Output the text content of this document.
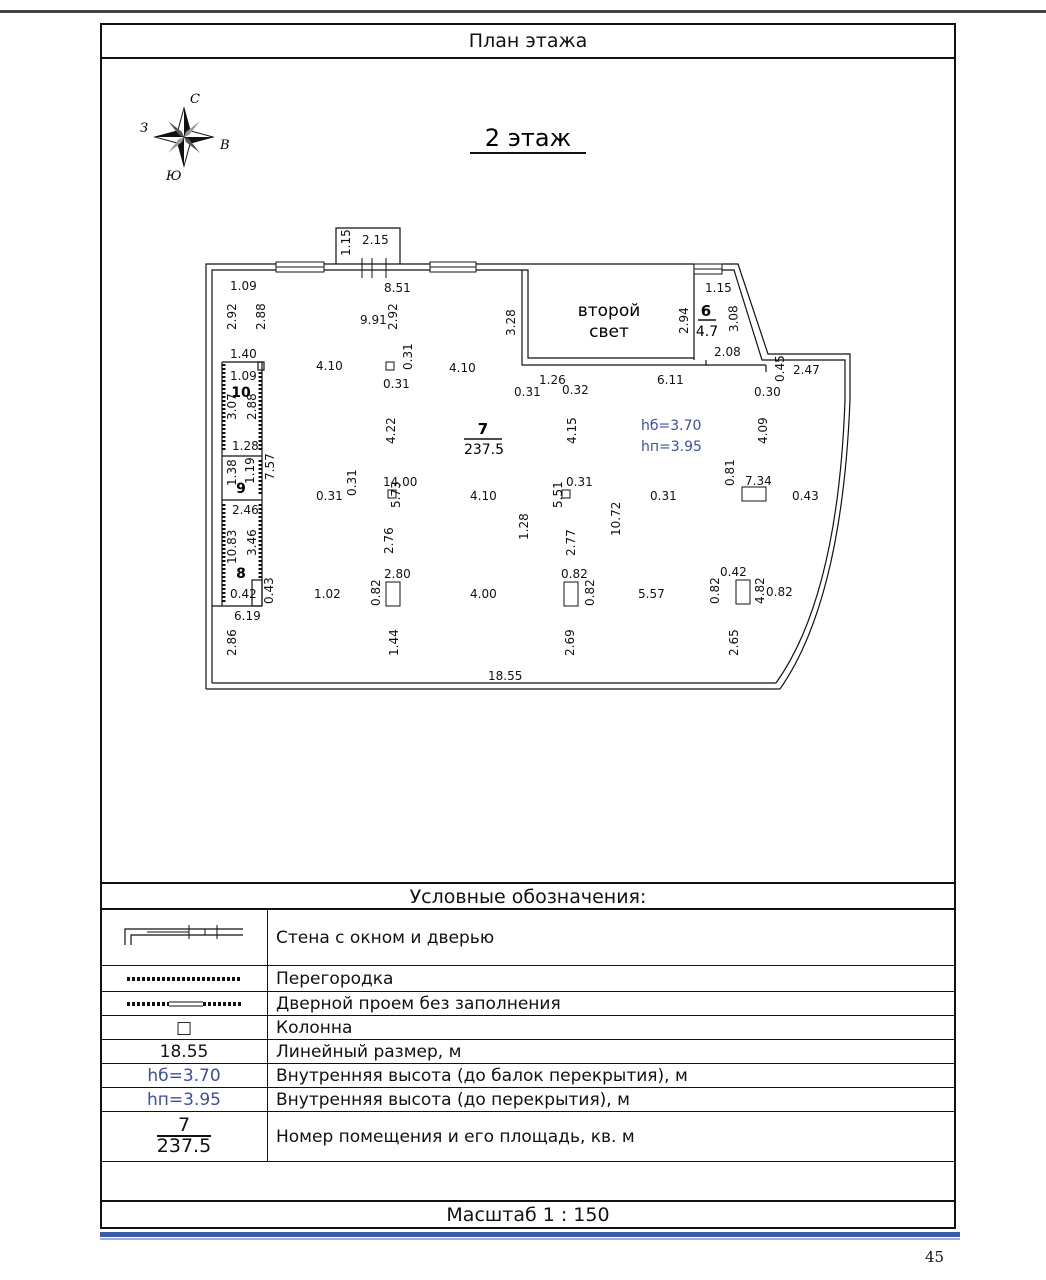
План этажа
С
З
В
Ю
2 этаж
второй
свет
6
4.7
7
237.5
10
9
8
hб=3.70
hп=3.95
2.15
8.51
1.09
9.91
1.15
2.08
1.40
4.10
0.31
4.10
1.09
0.31
1.26
0.32
6.11
0.30
2.47
1.28
14.00
0.31	4.10
0.31
0.31
7.34
0.43
2.46
2.80	0.82	0.42
0.42	1.02	4.00	5.57	0.82
6.19
18.55
1.15
2.92 2.88	2.92	3.28	2.94	3.08
0.31
3.07 2.88
0.45
4.22	4.15	4.09
1.38 1.19 7.57
0.31	5.73	5.51
0.81
1.28	10.72
10.83 3.46	2.76	2.77
0.43	0.82	0.82	0.82	4.82
2.86	1.44	2.69	2.65
Условные обозначения:
	Стена с окном и дверью
	Перегородка
	Дверной проем без заполнения
□	Колонна
18.55	Линейный размер, м
hб=3.70	Внутренняя высота (до балок перекрытия), м
hп=3.95	Внутренняя высота (до перекрытия), м

$\frac{7}{237.5}$	Номер помещения и его площадь, кв. м
Масштаб 1 : 150
45
